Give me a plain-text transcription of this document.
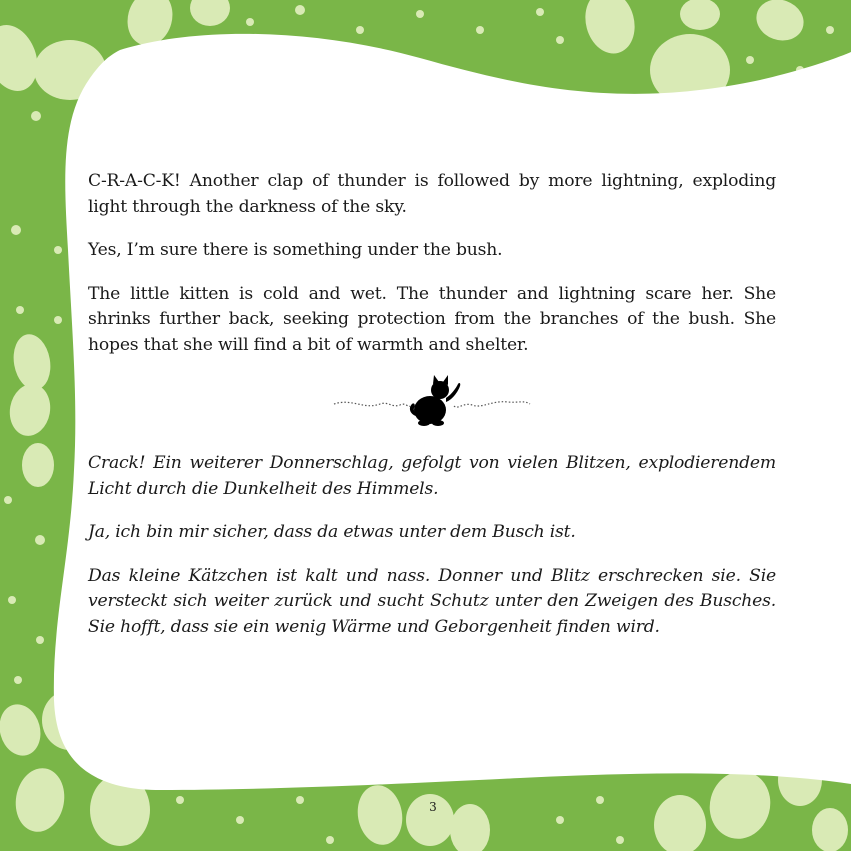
C-R-A-C-K! Another clap of thunder is followed by more lightning, exploding light through the darkness of the sky.

Yes, I’m sure there is something under the bush.

The little kitten is cold and wet. The thunder and lightning scare her. She shrinks further back, seeking protection from the branches of the bush. She hopes that she will find a bit of warmth and shelter.

Crack! Ein weiterer Donnerschlag, gefolgt von vielen Blitzen, explodierendem Licht durch die Dunkelheit des Himmels.

Ja, ich bin mir sicher, dass da etwas unter dem Busch ist.

Das kleine Kätzchen ist kalt und nass. Donner und Blitz erschrecken sie. Sie versteckt sich weiter zurück und sucht Schutz unter den Zweigen des Busches. Sie hofft, dass sie ein wenig Wärme und Geborgenheit finden wird.

3
